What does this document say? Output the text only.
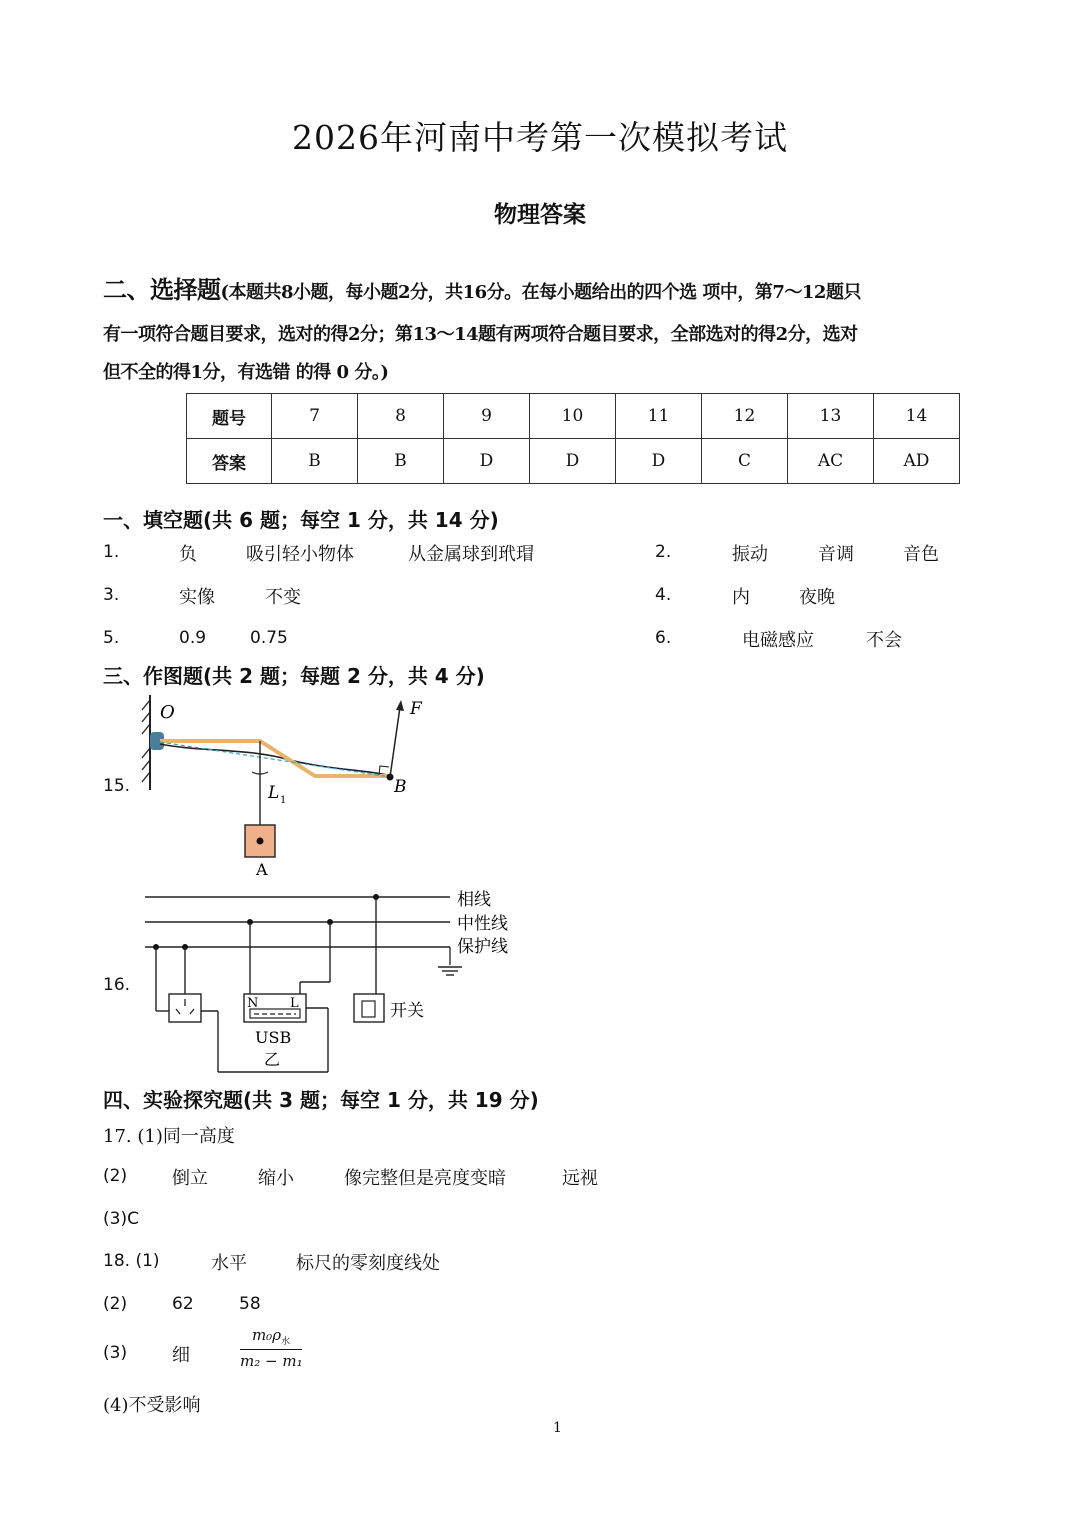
2026年河南中考第一次模拟考试
物理答案
二、选择题(本题共8小题，每小题2分，共16分。在每小题给出的四个选 项中，第7～12题只
有一项符合题目要求，选对的得2分；第13～14题有两项符合题目要求，全部选对的得2分，选对
但不全的得1分，有选错 的得 0 分。)
题号	7	8	9	10	11	12	13	14
答案	B	B	D	D	D	C	AC	AD
一、填空题(共 6 题；每空 1 分，共 14 分)
1.	负	吸引轻小物体	从金属球到玳瑁	2.	振动	音调	音色
3.	实像	不变	4.	内	夜晚
5.	0.9	0.75	6.	电磁感应	不会
三、作图题(共 2 题；每题 2 分，共 4 分)
15.
O	F
B
L 1
A
16.
相线
中性线
保护线
N L
USB
乙
开关
四、实验探究题(共 3 题；每空 1 分，共 19 分)
17. (1)同一高度
(2) 倒立	缩小	像完整但是亮度变暗	远视
(3)C
18. (1)	水平	标尺的零刻度线处
(2)	62	58
(3) 细
$m_0\rho_水$
m₂ − m₁
(4)不受影响
1
